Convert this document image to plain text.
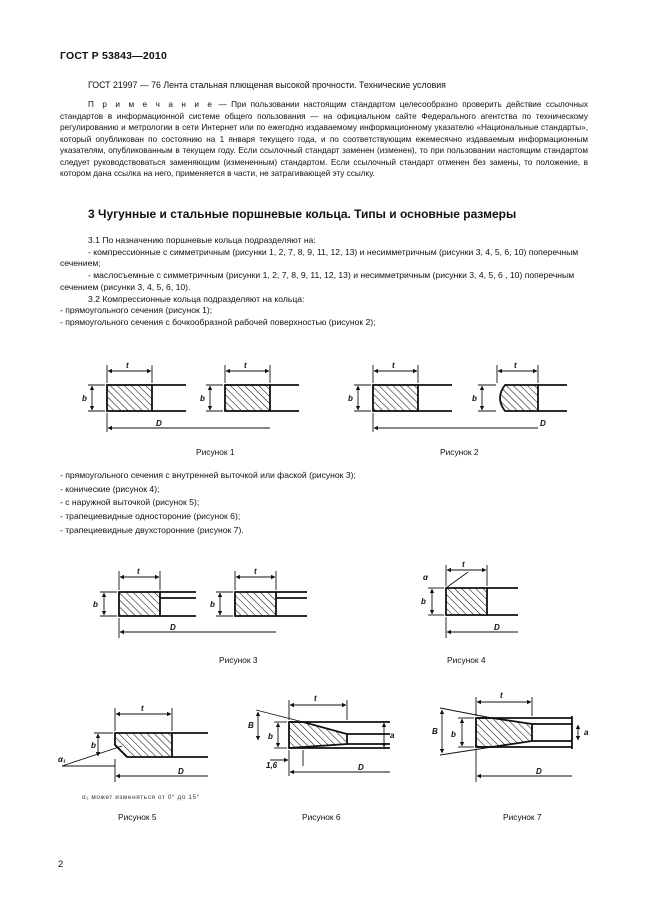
ГОСТ Р 53843—2010

ГОСТ 21997 — 76 Лента стальная плющеная высокой прочности. Технические условия

П р и м е ч а н и е — При пользовании настоящим стандартом целесообразно проверить действие ссылочных стандартов в информационной системе общего пользования — на официальном сайте Федерального агентства по техническому регулированию и метрологии в сети Интернет или по ежегодно издаваемому информационному указателю «Национальные стандарты», который опубликован по состоянию на 1 января текущего года, и по соответствующим ежемесячно издаваемым информационным указателям, опубликованным в текущем году. Если ссылочный стандарт заменен (изменен), то при пользовании настоящим стандартом следует руководствоваться заменяющим (измененным) стандартом. Если ссылочный стандарт отменен без замены, то положение, в котором дана ссылка на него, применяется в части, не затрагивающей эту ссылку.

3 Чугунные и стальные поршневые кольца. Типы и основные размеры
3.1 По назначению поршневые кольца подразделяют на:
- компрессионные с симметричным (рисунки 1, 2, 7, 8, 9, 11, 12, 13) и несимметричным (рисунки 3, 4, 5, 6, 10) поперечным сечением;
- маслосъемные с симметричным (рисунки 1, 2, 7, 8, 9, 11, 12, 13) и несимметричным (рисунки 3, 4, 5, 6 , 10) поперечным сечением (рисунки 3, 4, 5, 6, 10).
3.2 Компрессионные кольца подразделяют на кольца:
- прямоугольного сечения (рисунок 1);
- прямоугольного сечения с бочкообразной рабочей поверхностью (рисунок 2);
- прямоугольного сечения с внутренней выточкой или фаской (рисунок 3);
- конические (рисунок 4);
- с наружной выточкой (рисунок 5);
- трапециевидные одностороние (рисунок 6);
- трапециевидные двухсторонние (рисунок 7).
t
b
t
b
D
t
b
t
b
D
t
b
t
b
D
t
α
b
D
t
b
α₁
D
t
B
b	a
1,6	D
t
B b	a
D
Рисунок 1	Рисунок 2
Рисунок 3	Рисунок 4
α₁ может изменяться от 0° до 15°
Рисунок 5	Рисунок 6	Рисунок 7
2
